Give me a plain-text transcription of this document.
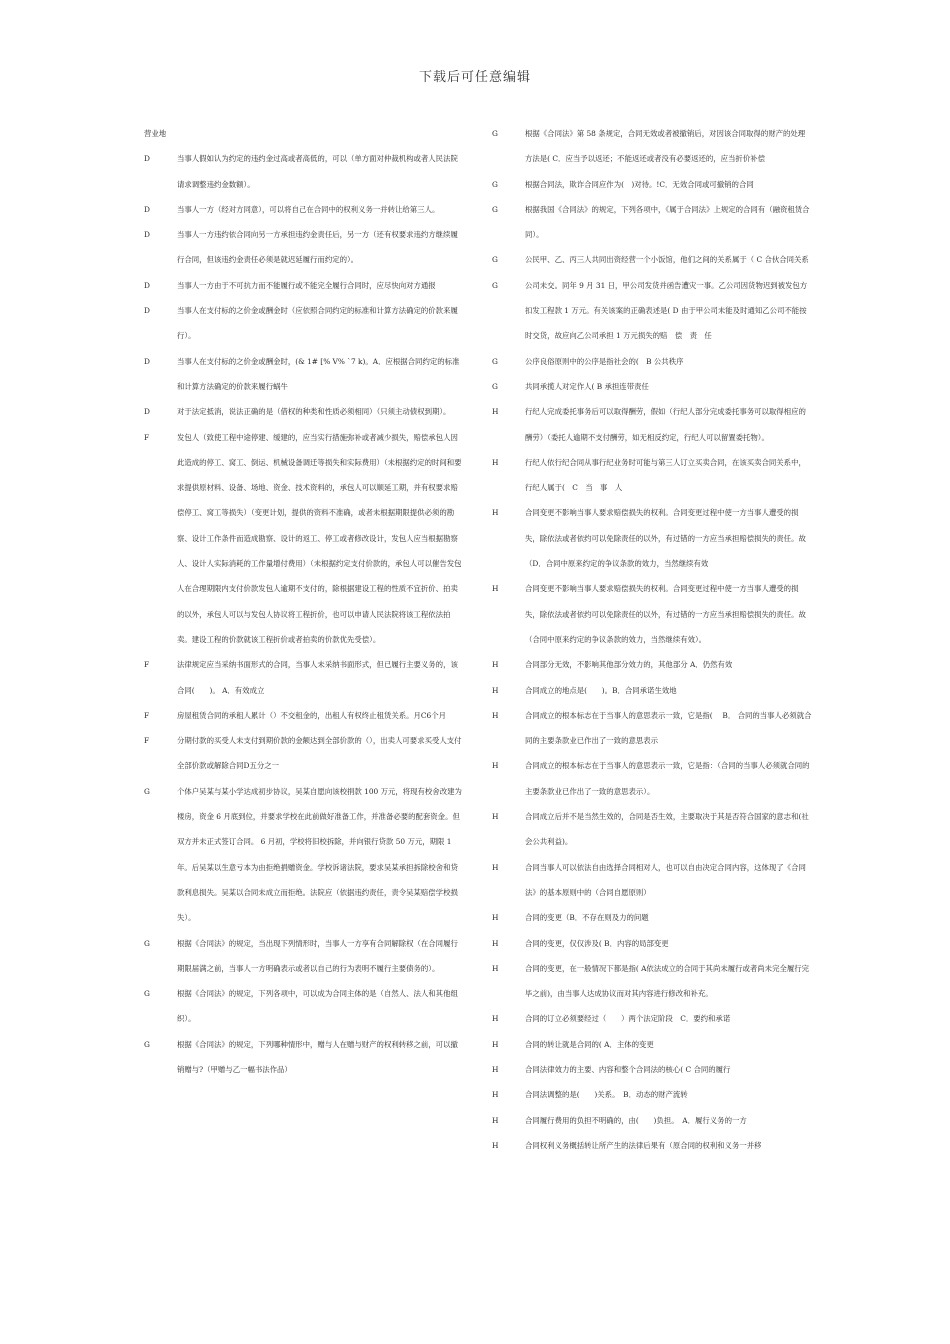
下载后可任意编辑
营业地
D	当事人假如认为约定的违约金过高或者高低的，可以（单方面对仲裁机构或者人民法院请求调整违约金数额）。
D	当事人一方（经对方同意），可以将自己在合同中的权利义务一并转让给第三人。
D	当事人一方违约依合同向另一方承担违约金责任后，另一方（还有权要求违约方继续履行合同，但该违约金责任必须是就迟延履行而约定的）。
D	当事人一方由于不可抗力而不能履行或不能完全履行合同时，应尽快向对方通报
D	当事人在支付标的之价金或酬金时（应依照合同约定的标准和计算方法确定的价款来履行）。
D	当事人在支付标的之价金或酬金时，(& 1# [% V% `7 k)。A．应根据合同约定的标准和计算方法确定的价款来履行蜗牛
D	对于法定抵消，说法正确的是（借权的种类和性质必须相同）（只须主动债权到期）。
F	发包人（致使工程中途停建、缓建的，应当实行措施弥补或者减少损失，赔偿承包人因此造成的停工、窝工、倒运、机械设备调迁等损失和实际费用）（未根据约定的时间和要求提供原材料、设备、场地、资金、技术资料的，承包人可以顺延工期，并有权要求赔偿停工、窝工等损失）（变更计划，提供的资料不准确，或者未根据期限提供必须的勘察、设计工作条件而造成勘察、设计的返工、停工或者修改设计，发包人应当根据勘察人、设计人实际消耗的工作量增付费用）（未根据约定支付价款的，承包人可以催告发包人在合理期限内支付价款发包人逾期不支付的，除根据建设工程的性质不宜折价、拍卖的以外，承包人可以与发包人协议将工程折价，也可以申请人民法院将该工程依法拍卖。建设工程的价款就该工程折价或者拍卖的价款优先受偿）。
F	法律规定应当采纳书面形式的合同，当事人未采纳书面形式，但已履行主要义务的，该合同(　　)。 A．有效成立
F	房屋租赁合同的承租人累计（）不交租金的，出租人有权终止租赁关系。月C6个月
F	分期付款的买受人未支付到期价款的金额达到全部价款的（），出卖人可要求买受人支付全部价款或解除合同D五分之一
G	个体户吴某与某小学达成初步协议，吴某自愿向该校捐款 100 万元，将现有校舍改建为楼房，资金 6 月底到位，并要求学校在此前做好准备工作，并准备必要的配套资金。但双方并未正式签订合同。 6 月初，学校将旧校拆除，并向银行贷款 50 万元，期限 1 年。后吴某以生意亏本为由拒绝捐赠资金。学校诉诸法院，要求吴某承担拆除校舍和贷款利息损失。吴某以合同未成立而拒绝。法院应（依据违约责任，责令吴某赔偿学校损失）。
G	根据《合同法》的规定，当出现下列情形时，当事人一方享有合同解除权（在合同履行期限届满之前，当事人一方明确表示或者以自己的行为表明不履行主要债务的）。
G	根据《合同法》的规定，下列各项中，可以成为合同主体的是（自然人、法人和其他组织）。
G	根据《合同法》的规定，下列哪种情形中，赠与人在赠与财产的权利转移之前，可以撤销赠与?（甲赠与乙一幅书法作品）
G	根据《合同法》第 58 条规定，合同无效或者被撤销后，对因该合同取得的财产的处理方法是( C．应当予以返还；不能返还或者没有必要返还的，应当折价补偿
G	根据合同法，欺诈合同应作为(　)对待。!C．无效合同或可撤销的合同
G	根据我国《合同法》的规定，下列各项中，《属于合同法》上规定的合同有（融资租赁合同）。
G	公民甲、乙、丙三人共同出资经营一个小饭馆，他们之间的关系属于（ C 合伙合同关系
G	公司未交。同年 9 月 31 日，甲公司发货并函告遭灾一事。乙公司因货物迟到被发包方扣发工程款 1 万元。有关该案的正确表述是( D 由于甲公司未能及时通知乙公司不能按时交货，故应向乙公司承担 1 万元损失的赔　偿　责　任
G	公序良俗原则中的公序是指社会的(　B 公共秩序
G	共同承揽人对定作人( B 承担连带责任
H	行纪人完成委托事务后可以取得酬劳，假如（行纪人部分完成委托事务可以取得相应的酬劳）（委托人逾期不支付酬劳，如无相反约定，行纪人可以留置委托物）。
H	行纪人依行纪合同从事行纪业务时可能与第三人订立买卖合同，在该买卖合同关系中，行纪人属于(　C　当　事　人
H	合同变更不影响当事人要求赔偿损失的权利。合同变更过程中使一方当事人遭受的损失，除依法或者依约可以免除责任的以外，有过错的一方应当承担赔偿损失的责任。故（D．合同中原来约定的争议条款的效力，当然继续有效
H	合同变更不影响当事人要求赔偿损失的权利。合同变更过程中使一方当事人遭受的损失，除依法或者依约可以免除责任的以外，有过错的一方应当承担赔偿损失的责任。故（合同中原来约定的争议条款的效力，当然继续有效）。
H	合同部分无效，不影响其他部分效力的，其他部分 A．仍然有效
H	合同成立的地点是(　　)。B．合同承诺生效地
H	合同成立的根本标志在于当事人的意思表示一致，它是指(　 B． 合同的当事人必须就合同的主要条款业已作出了一致的意思表示
H	合同成立的根本标志在于当事人的意思表示一致，它是指：（合同的当事人必须就合同的主要条款业已作出了一致的意思表示）。
H	合同成立后并不是当然生效的，合同是否生效，主要取决于其是否符合国家的意志和(社会公共利益)。
H	合同当事人可以依法自由选择合同相对人，也可以自由决定合同内容，这体现了《合同法》的基本原则中的（合同自愿原则）
H	合同的变更（B．不存在则及力的问题
H	合同的变更，仅仅涉及( B．内容的局部变更
H	合同的变更，在一般情况下都是指( A依法成立的合同于其尚未履行或者尚未完全履行完毕之前)，由当事人达成协议而对其内容进行修改和补充。
H	合同的订立必须要经过（　　）两个法定阶段　C．要约和承诺
H	合同的转让就是合同的( A．主体的变更
H	合同法律效力的主要、内容和整个合同法的核心( C 合同的履行
H	合同法调整的是(　　)关系。　B．动态的财产流转
H	合同履行费用的负担不明确的，由(　　)负担。　A．履行义务的一方
H	合同权利义务概括转让所产生的法律后果有（原合同的权利和义务一并移
